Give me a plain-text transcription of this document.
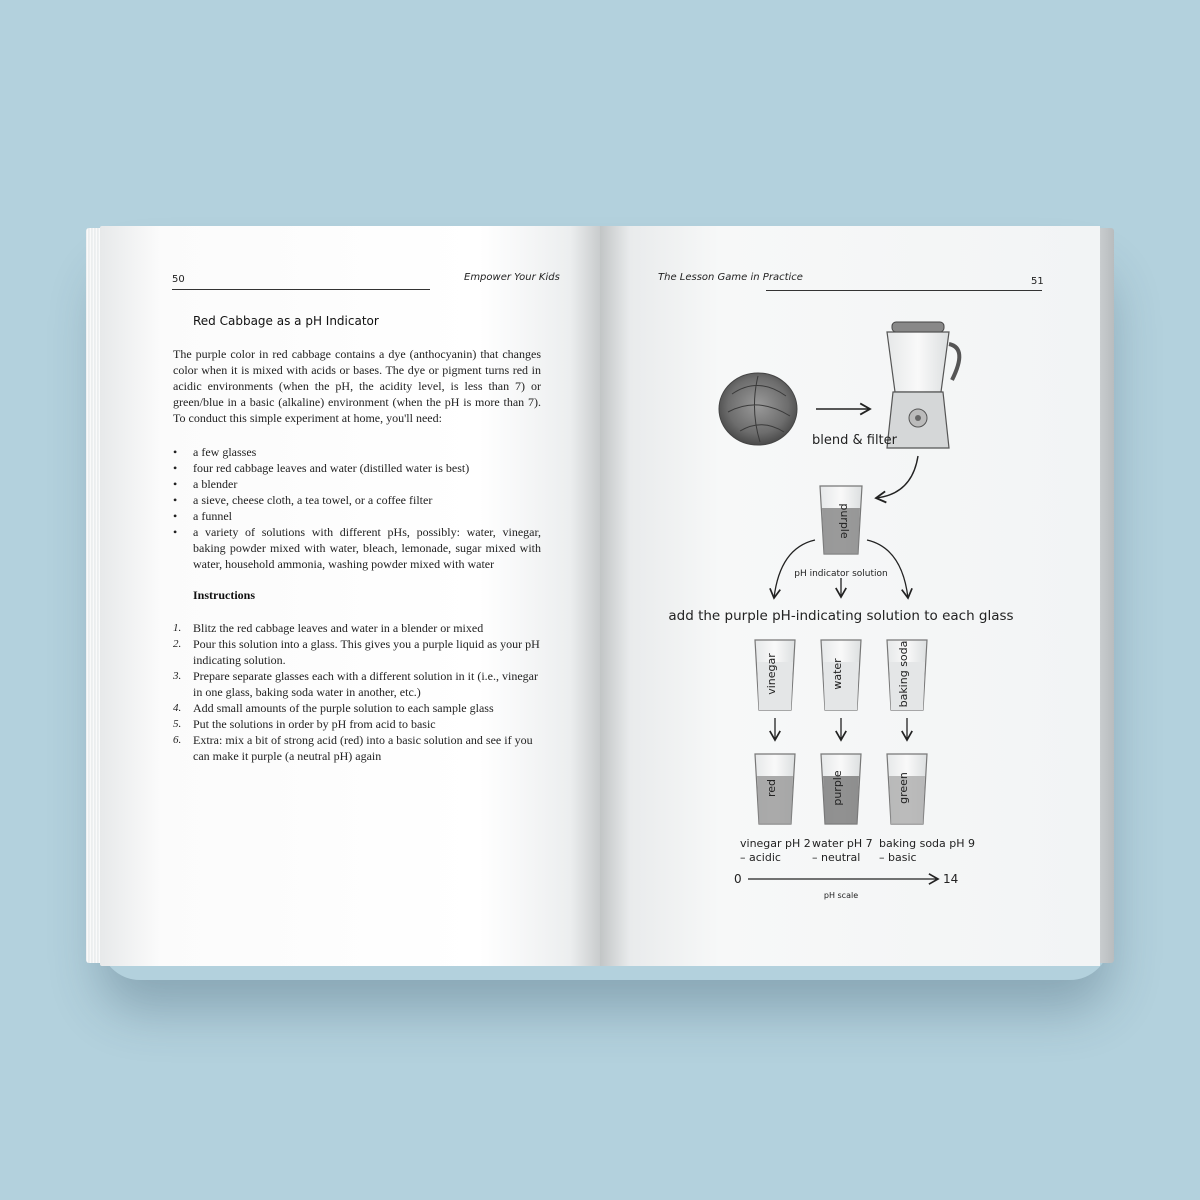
50	Empower Your Kids
Red Cabbage as a pH Indicator
The purple color in red cabbage contains a dye (anthocyanin) that changes color when it is mixed with acids or bases. The dye or pigment turns red in acidic environments (when the pH, the acidity level, is less than 7) or green/blue in a basic (alkaline) environment (when the pH is more than 7). To conduct this simple experiment at home, you'll need:
• a few glasses
• four red cabbage leaves and water (distilled water is best)
• a blender
• a sieve, cheese cloth, a tea towel, or a coffee filter
• a funnel
• a variety of solutions with different pHs, possibly: water, vinegar, baking powder mixed with water, bleach, lemonade, sugar mixed with water, household ammonia, washing powder mixed with water
Instructions
1. Blitz the red cabbage leaves and water in a blender or mixed
2. Pour this solution into a glass. This gives you a purple liquid as your pH indicating solution.
3. Prepare separate glasses each with a different solution in it (i.e., vinegar in one glass, baking soda water in another, etc.)
4. Add small amounts of the purple solution to each sample glass
5. Put the solutions in order by pH from acid to basic
6. Extra: mix a bit of strong acid (red) into a basic solution and see if you can make it purple (a neutral pH) again
The Lesson Game in Practice	51
blend & filter
purple
pH indicator solution
add the purple pH-indicating solution to each glass
vinegar	water	baking soda
red	purple	green
vinegar pH 2
– acidic
water pH 7
– neutral
baking soda pH 9
– basic
0	14
pH scale
